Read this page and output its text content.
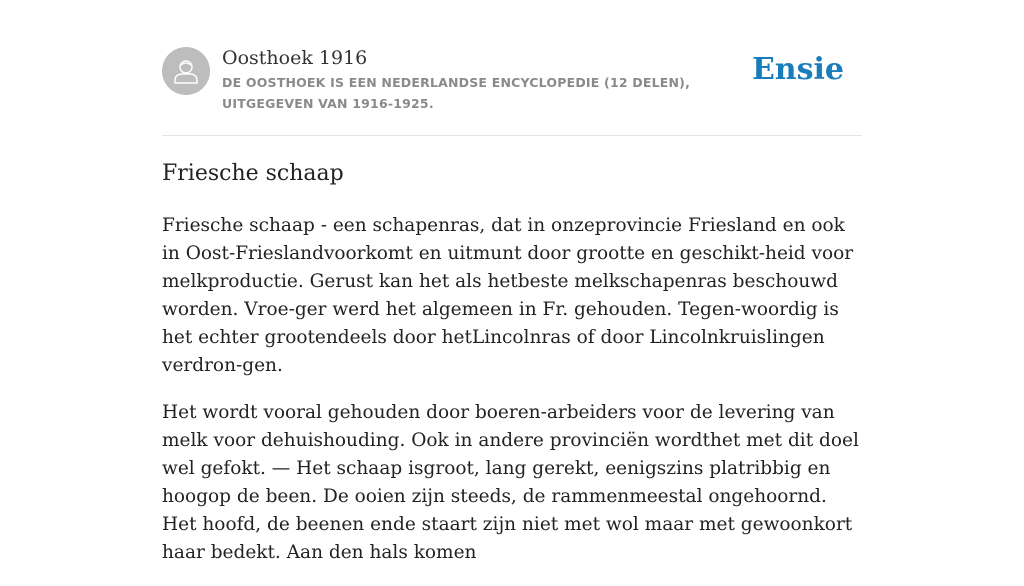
Oosthoek 1916
DE OOSTHOEK IS EEN NEDERLANDSE ENCYCLOPEDIE (12 DELEN), UITGEGEVEN VAN 1916-1925.
Ensie
Friesche schaap

Friesche schaap - een schapenras, dat in onzeprovincie Friesland en ook in Oost-Frieslandvoorkomt en uitmunt door grootte en geschikt-heid voor melkproductie. Gerust kan het als hetbeste melkschapenras beschouwd worden. Vroe-ger werd het algemeen in Fr. gehouden. Tegen-woordig is het echter grootendeels door hetLincolnras of door Lincolnkruislingen verdron-gen.

Het wordt vooral gehouden door boeren-arbeiders voor de levering van melk voor dehuishouding. Ook in andere provinciën wordthet met dit doel wel gefokt. — Het schaap isgroot, lang gerekt, eenigszins platribbig en hoogop de been. De ooien zijn steeds, de rammenmeestal ongehoornd. Het hoofd, de beenen ende staart zijn niet met wol maar met gewoonkort haar bedekt. Aan den hals komen
